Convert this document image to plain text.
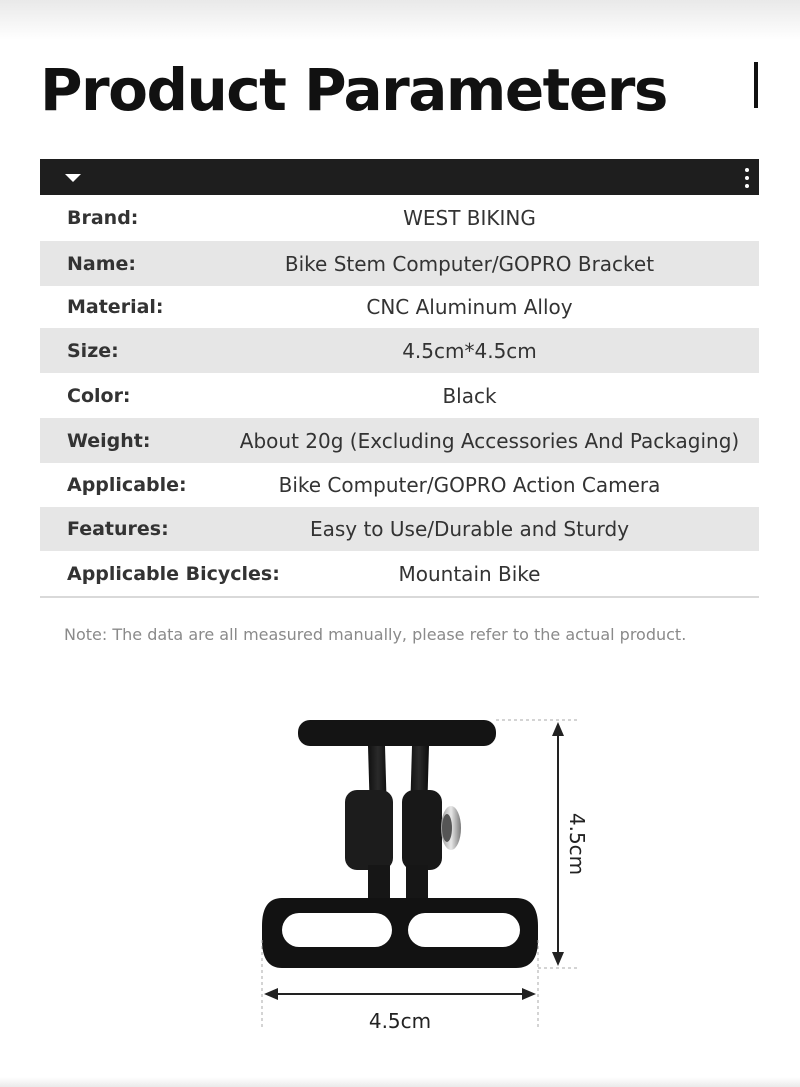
Product Parameters
Brand:	WEST BIKING
Name:	Bike Stem Computer/GOPRO Bracket
Material:	CNC Aluminum Alloy
Size:	4.5cm*4.5cm
Color:	Black
Weight:	About 20g (Excluding Accessories And Packaging)
Applicable:	Bike Computer/GOPRO Action Camera
Features:	Easy to Use/Durable and Sturdy
Applicable Bicycles:	Mountain Bike
Note: The data are all measured manually, please refer to the actual product.
4.5cm
4.5cm
